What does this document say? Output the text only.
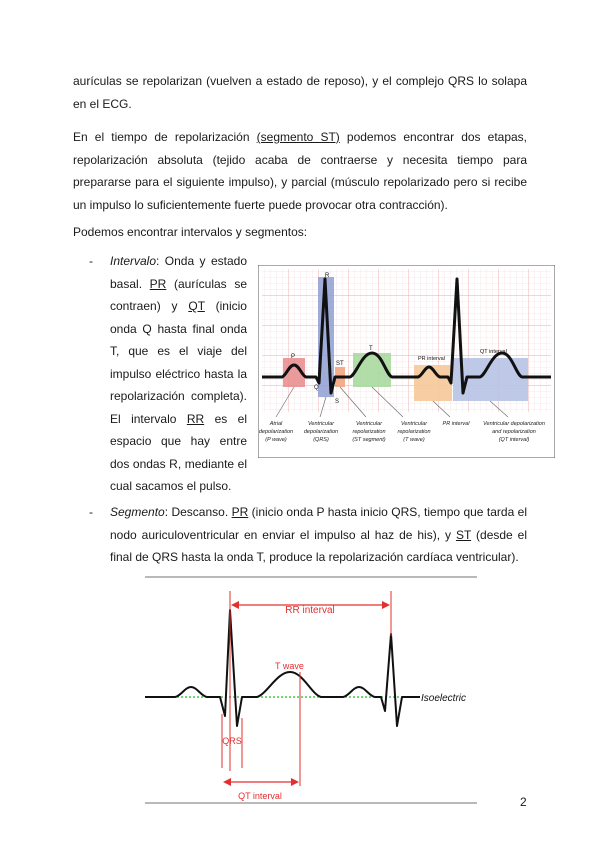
aurículas se repolarizan (vuelven a estado de reposo), y el complejo QRS lo solapa en el ECG.

En el tiempo de repolarización (segmento ST) podemos encontrar dos etapas, repolarización absoluta (tejido acaba de contraerse y necesita tiempo para prepararse para el siguiente impulso), y parcial (músculo repolarizado pero si recibe un impulso lo suficientemente fuerte puede provocar otra contracción).

Podemos encontrar intervalos y segmentos:

- Intervalo: Onda y estado basal. PR (aurículas se contraen) y QT (inicio onda Q hasta final onda T, que es el viaje del impulso eléctrico hasta la repolarización completa). El intervalo RR es el espacio que hay entre dos ondas R, mediante el cual sacamos el pulso.

P
R
Q
S
ST
T
PR interval
QT interval
Atrial depolarization (P wave)
Ventricular depolarization (QRS)
Ventricular repolarization (ST segment)
Ventricular repolarization (T wave)
PR interval Ventricular depolarization and repolarization (QT interval)
- Segmento: Descanso. PR (inicio onda P hasta inicio QRS, tiempo que tarda el nodo auriculoventricular en enviar el impulso al haz de his), y ST (desde el final de QRS hasta la onda T, produce la repolarización cardíaca ventricular).

Isoelectric
RR interval
T wave
QRS
QT interval	2
